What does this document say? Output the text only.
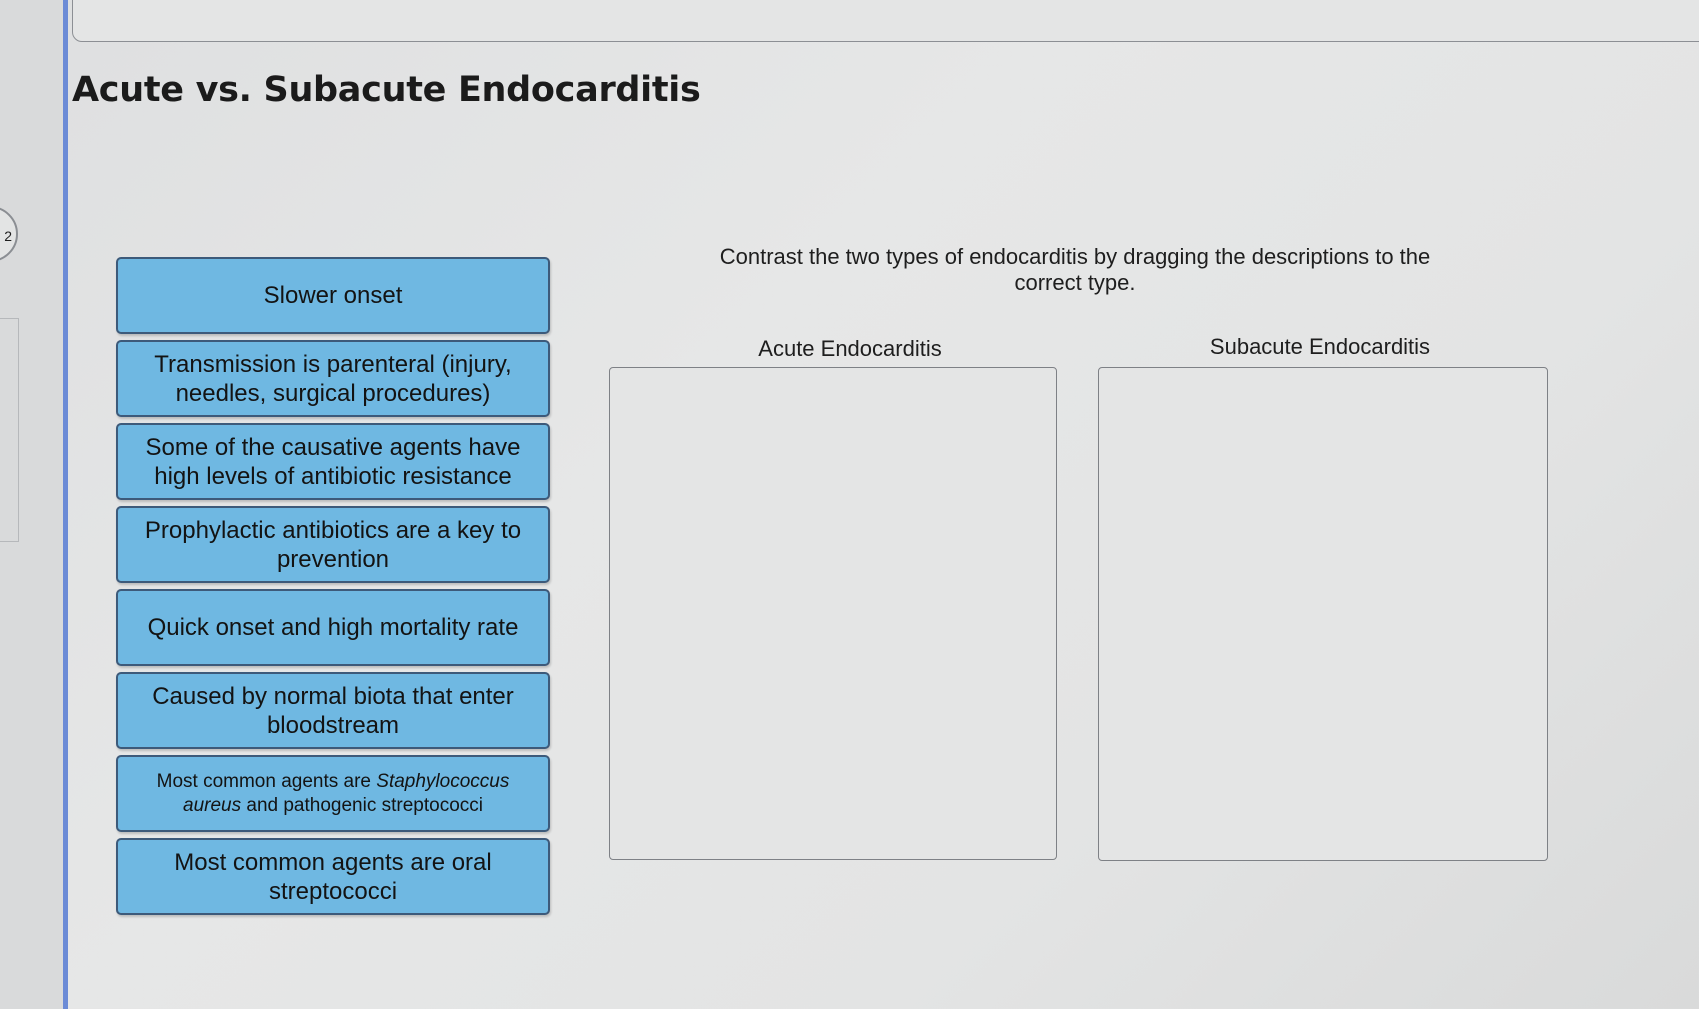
2
Acute vs. Subacute Endocarditis
Slower onset
Transmission is parenteral (injury, needles, surgical procedures)
Some of the causative agents have high levels of antibiotic resistance
Prophylactic antibiotics are a key to prevention
Quick onset and high mortality rate
Caused by normal biota that enter bloodstream
Most common agents are Staphylococcus aureus and pathogenic streptococci
Most common agents are oral streptococci
Contrast the two types of endocarditis by dragging the descriptions to the correct type.
Acute Endocarditis	Subacute Endocarditis
